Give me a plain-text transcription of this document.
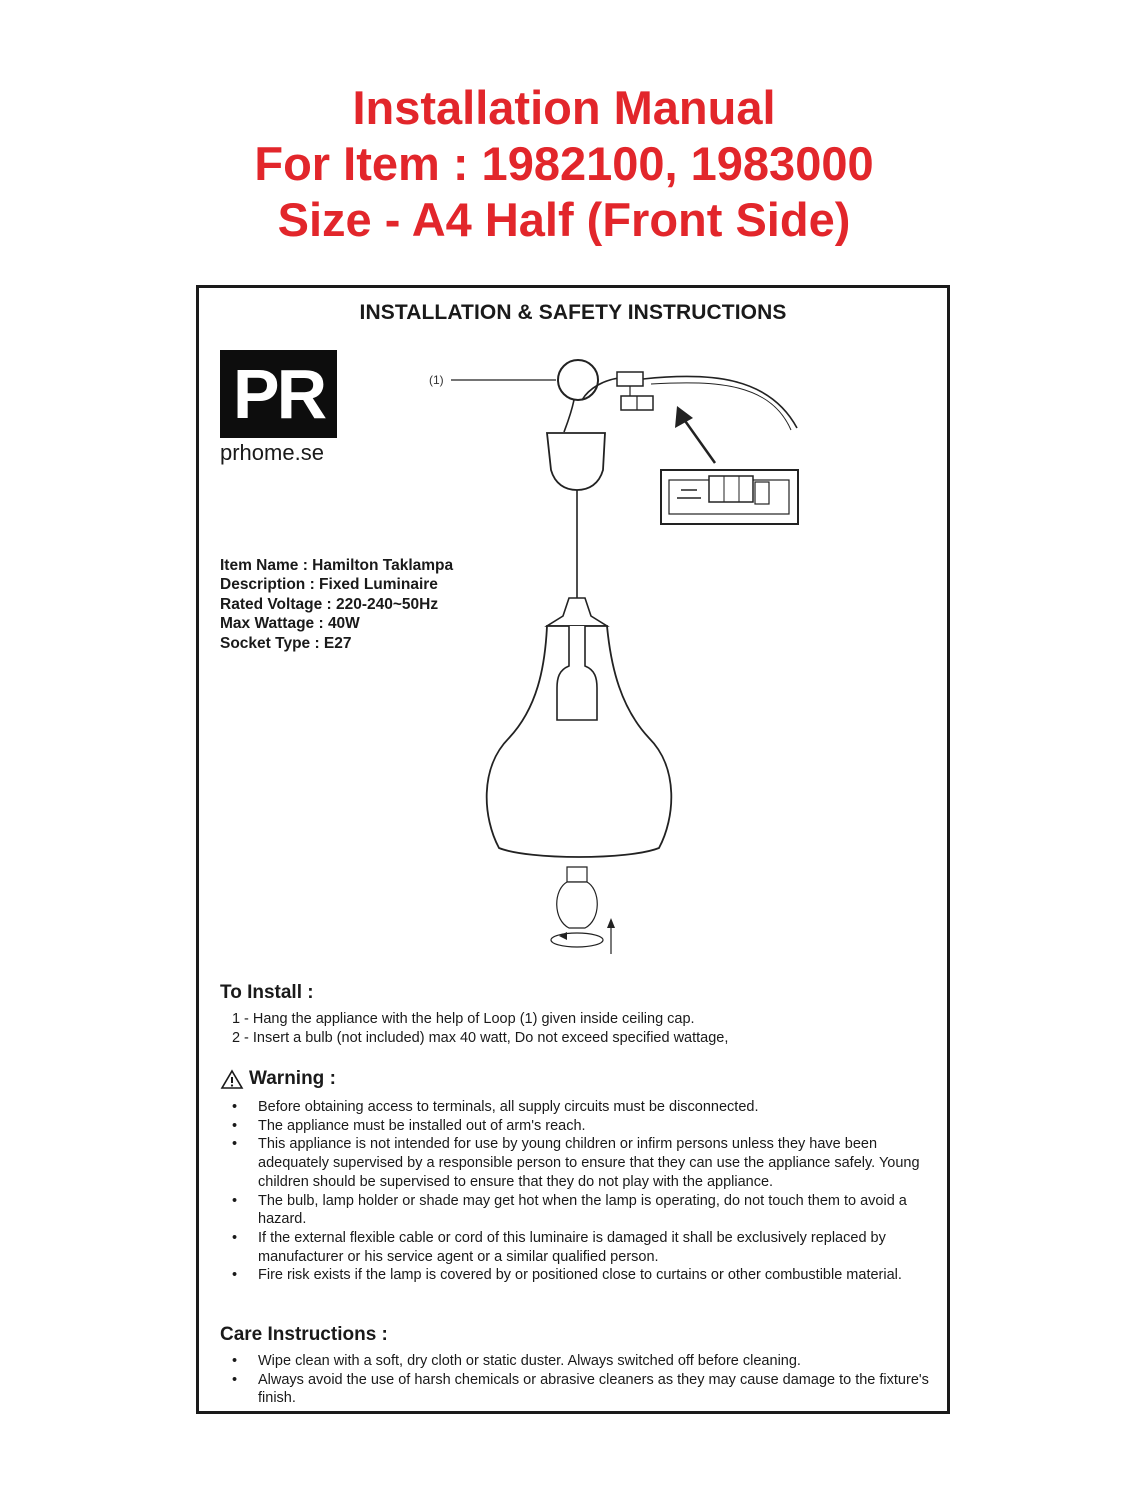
Installation Manual
For Item : 1982100, 1983000
Size - A4 Half (Front Side)
INSTALLATION & SAFETY INSTRUCTIONS
PR
prhome.se
Item Name : Hamilton Taklampa
Description : Fixed Luminaire
Rated Voltage : 220-240~50Hz
Max Wattage : 40W
Socket Type : E27
(1)
To Install :
1 - Hang the appliance with the help of Loop (1) given inside ceiling cap.
2 - Insert a bulb (not included) max 40 watt, Do not exceed specified wattage,
Warning :
•	Before obtaining access to terminals, all supply circuits must be disconnected.
•	The appliance must be installed out of arm's reach.
•	This appliance is not intended for use by young children or infirm persons unless they have been adequately supervised by a responsible person to ensure that they can use the appliance safely. Young children should be supervised to ensure that they do not play with the appliance.
•	The bulb, lamp holder or shade may get hot when the lamp is operating, do not touch them to avoid a hazard.
•	If the external flexible cable or cord of this luminaire is damaged it shall be exclusively replaced by manufacturer or his service agent or a similar qualified person.
•	Fire risk exists if the lamp is covered by or positioned close to curtains or other combustible material.
Care Instructions :
•	Wipe clean with a soft, dry cloth or static duster. Always switched off before cleaning.
•	Always avoid the use of harsh chemicals or abrasive cleaners as they may cause damage to the fixture's finish.
